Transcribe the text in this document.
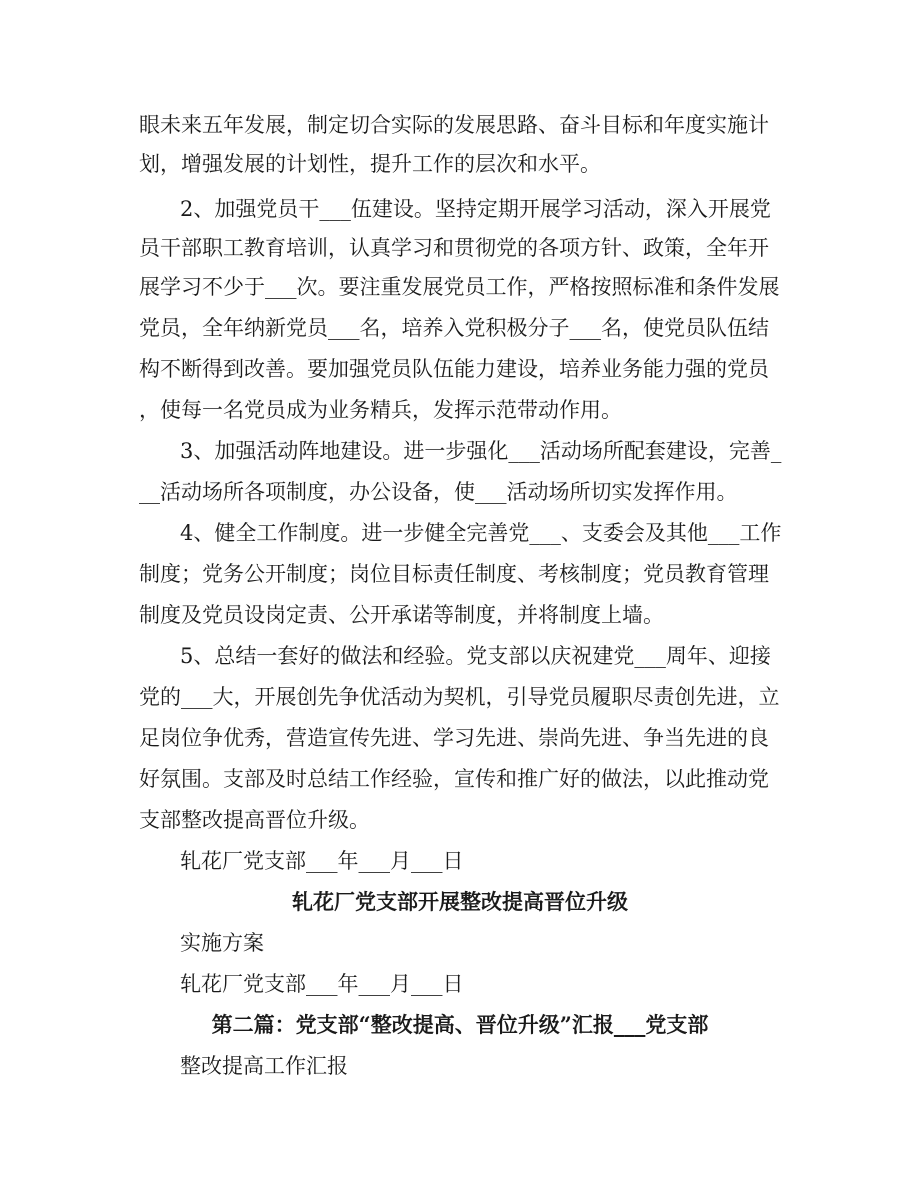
眼未来五年发展，制定切合实际的发展思路、奋斗目标和年度实施计
划，增强发展的计划性，提升工作的层次和水平。
2、加强党员干___伍建设。坚持定期开展学习活动，深入开展党
员干部职工教育培训，认真学习和贯彻党的各项方针、政策，全年开
展学习不少于___次。要注重发展党员工作，严格按照标准和条件发展
党员，全年纳新党员___名，培养入党积极分子___名，使党员队伍结
构不断得到改善。要加强党员队伍能力建设，培养业务能力强的党员
，使每一名党员成为业务精兵，发挥示范带动作用。
3、加强活动阵地建设。进一步强化___活动场所配套建设，完善_
__活动场所各项制度，办公设备，使___活动场所切实发挥作用。
4、健全工作制度。进一步健全完善党___、支委会及其他___工作
制度；党务公开制度；岗位目标责任制度、考核制度；党员教育管理
制度及党员设岗定责、公开承诺等制度，并将制度上墙。
5、总结一套好的做法和经验。党支部以庆祝建党___周年、迎接
党的___大，开展创先争优活动为契机，引导党员履职尽责创先进，立
足岗位争优秀，营造宣传先进、学习先进、崇尚先进、争当先进的良
好氛围。支部及时总结工作经验，宣传和推广好的做法，以此推动党
支部整改提高晋位升级。
轧花厂党支部___年___月___日
轧花厂党支部开展整改提高晋位升级
实施方案
轧花厂党支部___年___月___日
第二篇：党支部“整改提高、晋位升级”汇报___党支部
整改提高工作汇报
